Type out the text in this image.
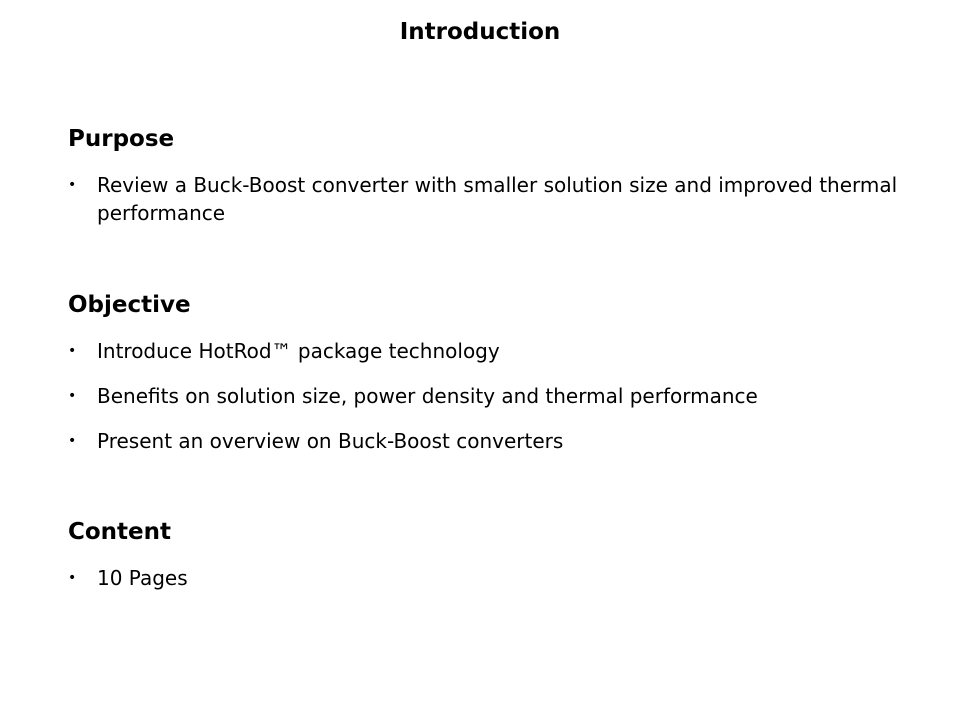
Introduction
Purpose
• Review a Buck-Boost converter with smaller solution size and improved thermal performance
Objective
• Introduce HotRod™ package technology
• Benefits on solution size, power density and thermal performance
• Present an overview on Buck-Boost converters
Content
• 10 Pages
